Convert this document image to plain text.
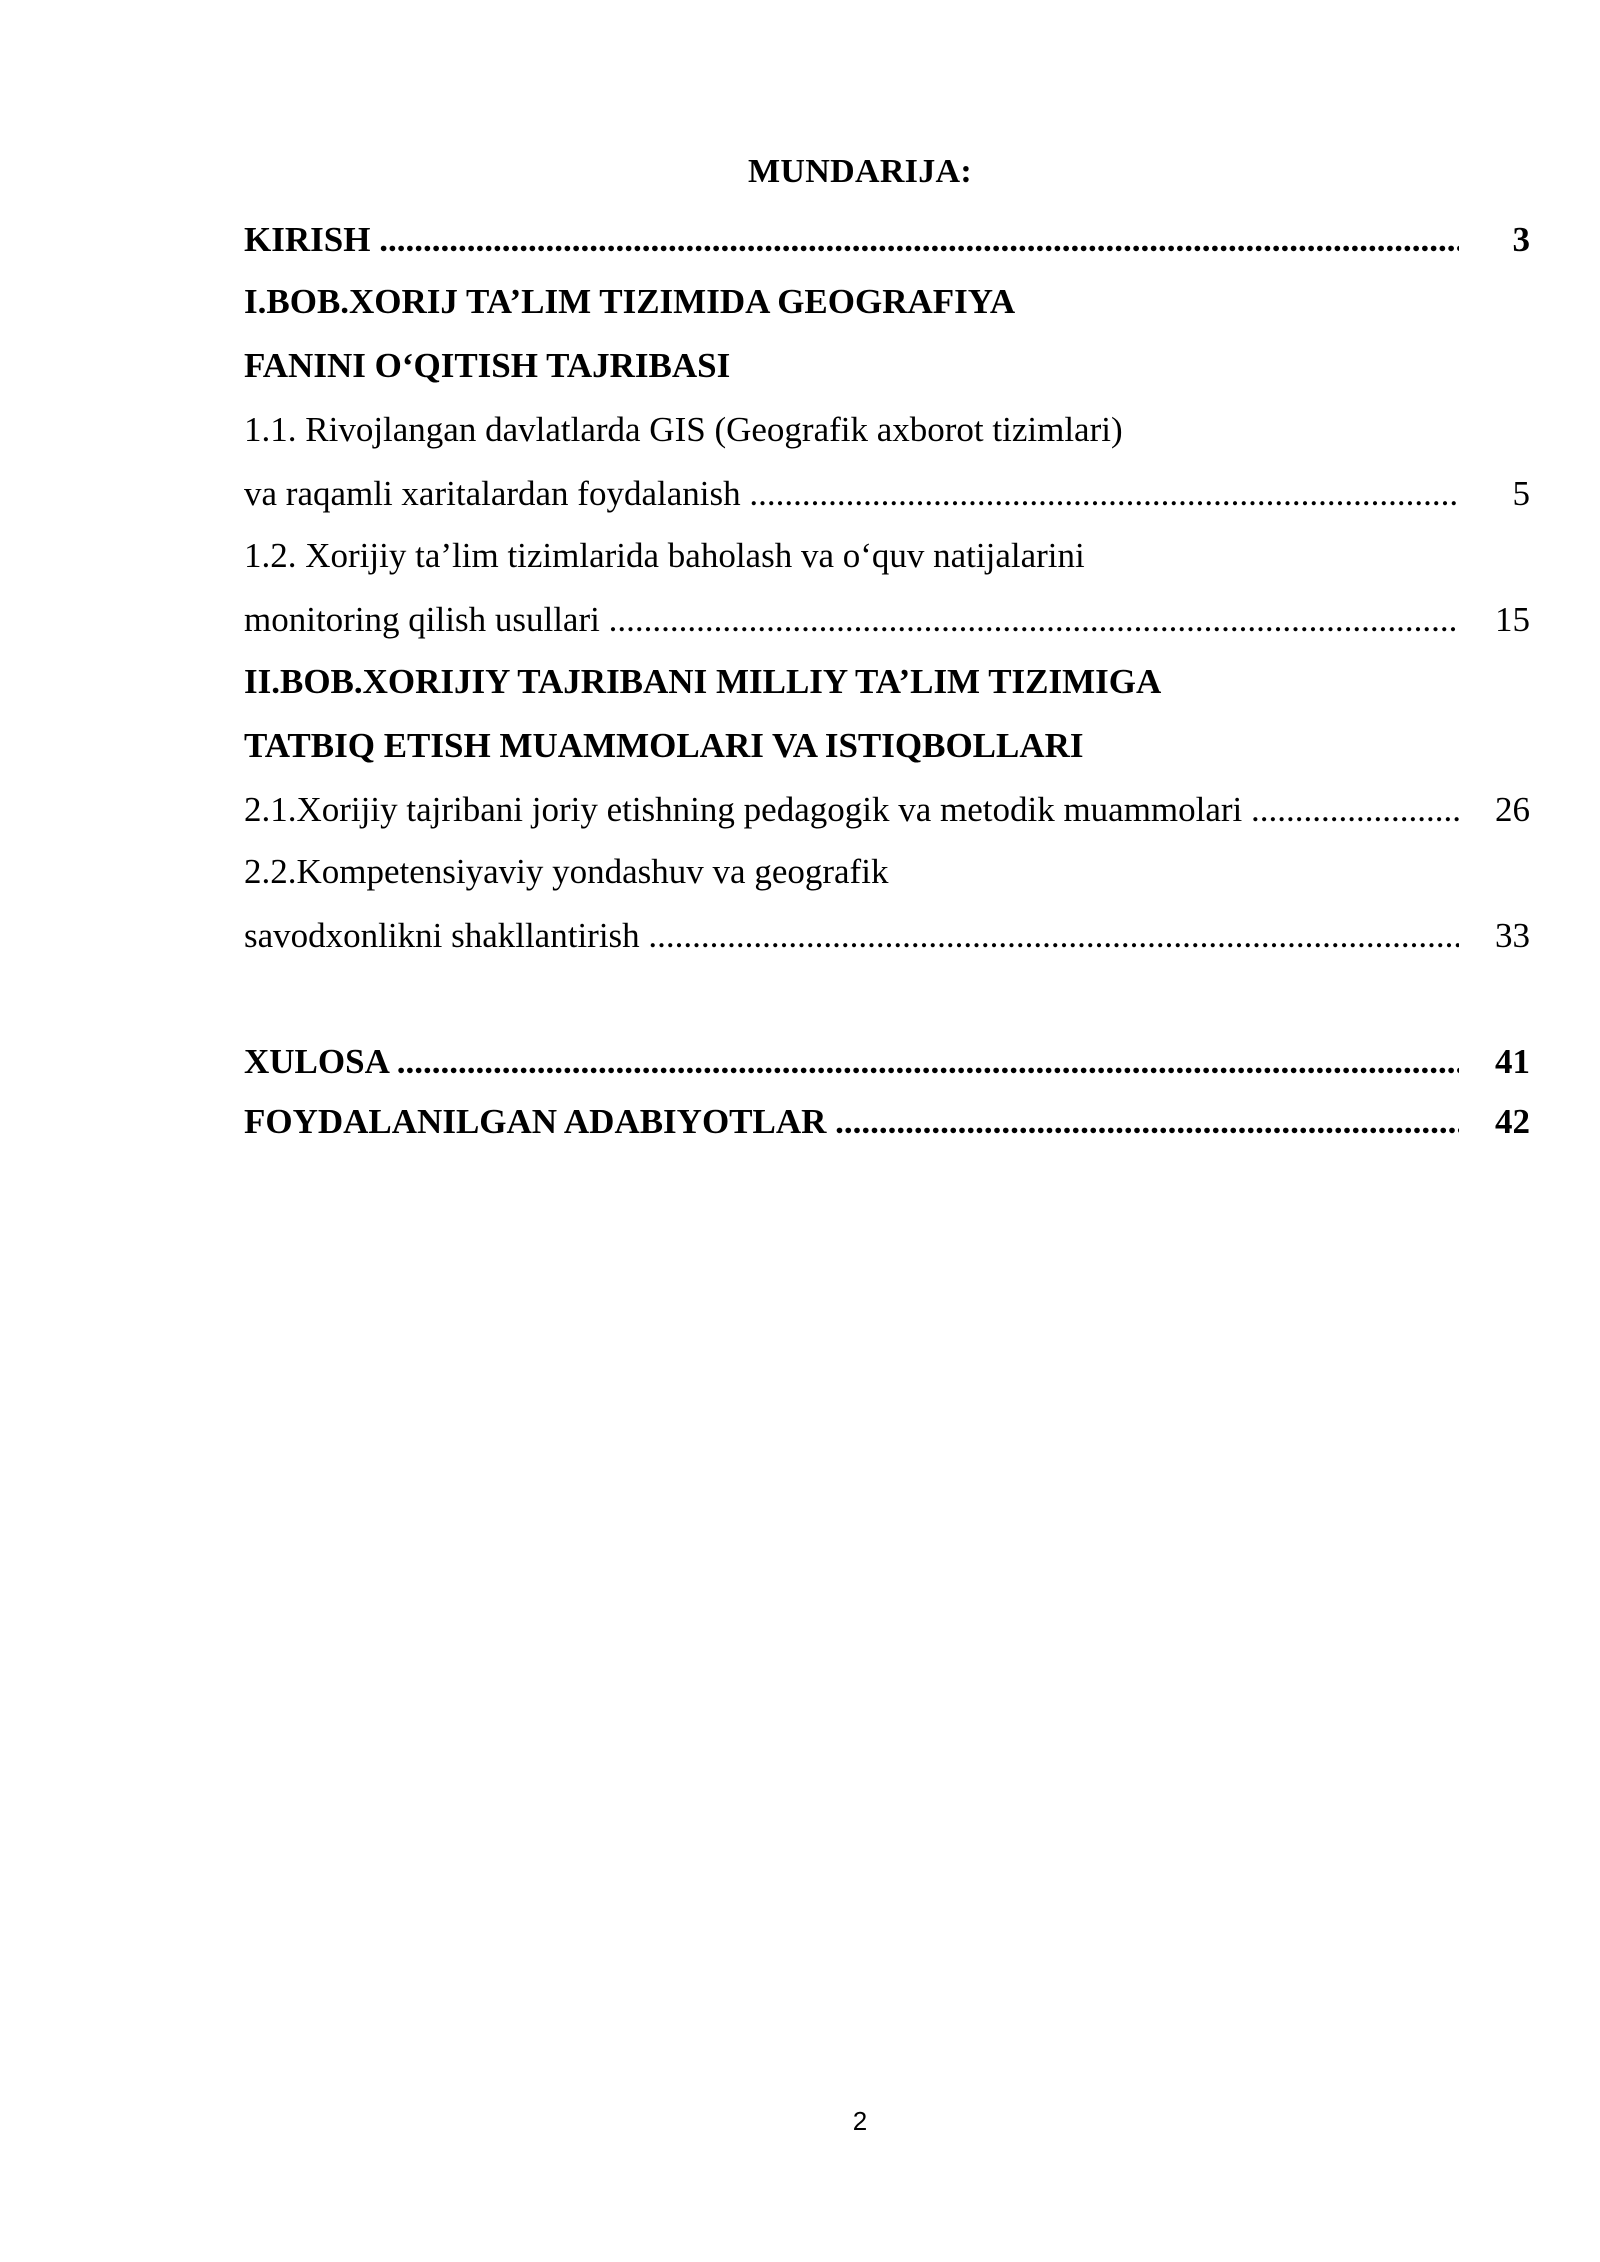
MUNDARIJA:
KIRISH .....	3
I.BOB.XORIJ TA’LIM TIZIMIDA GEOGRAFIYA
FANINI O‘QITISH TAJRIBASI
1.1. Rivojlangan davlatlarda GIS (Geografik axborot tizimlari)
va raqamli xaritalardan foydalanish .....	5
1.2. Xorijiy ta’lim tizimlarida baholash va o‘quv natijalarini
monitoring qilish usullari .....	15
II.BOB.XORIJIY TAJRIBANI MILLIY TA’LIM TIZIMIGA
TATBIQ ETISH MUAMMOLARI VA ISTIQBOLLARI
2.1.Xorijiy tajribani joriy etishning pedagogik va metodik muammolari .....	26
2.2.Kompetensiyaviy yondashuv va geografik
savodxonlikni shakllantirish .....	33
XULOSA .....	41
FOYDALANILGAN ADABIYOTLAR .....	42
2
